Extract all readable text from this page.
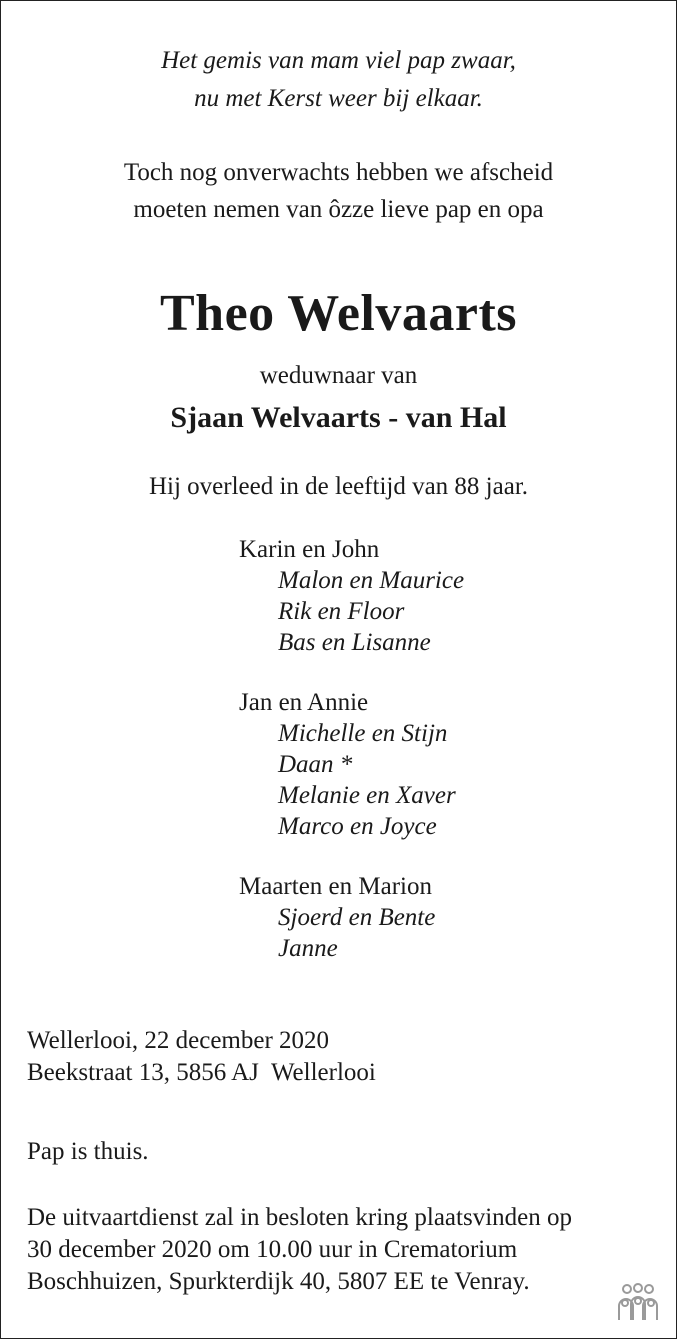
Het gemis van mam viel pap zwaar,
nu met Kerst weer bij elkaar.
Toch nog onverwachts hebben we afscheid
moeten nemen van ôzze lieve pap en opa
Theo Welvaarts
weduwnaar van
Sjaan Welvaarts - van Hal
Hij overleed in de leeftijd van 88 jaar.
Karin en John
Malon en Maurice
Rik en Floor
Bas en Lisanne
Jan en Annie
Michelle en Stijn
Daan *
Melanie en Xaver
Marco en Joyce
Maarten en Marion
Sjoerd en Bente
Janne
Wellerlooi, 22 december 2020
Beekstraat 13, 5856 AJ  Wellerlooi
Pap is thuis.
De uitvaartdienst zal in besloten kring plaatsvinden op
30 december 2020 om 10.00 uur in Crematorium
Boschhuizen, Spurkterdijk 40, 5807 EE te Venray.
